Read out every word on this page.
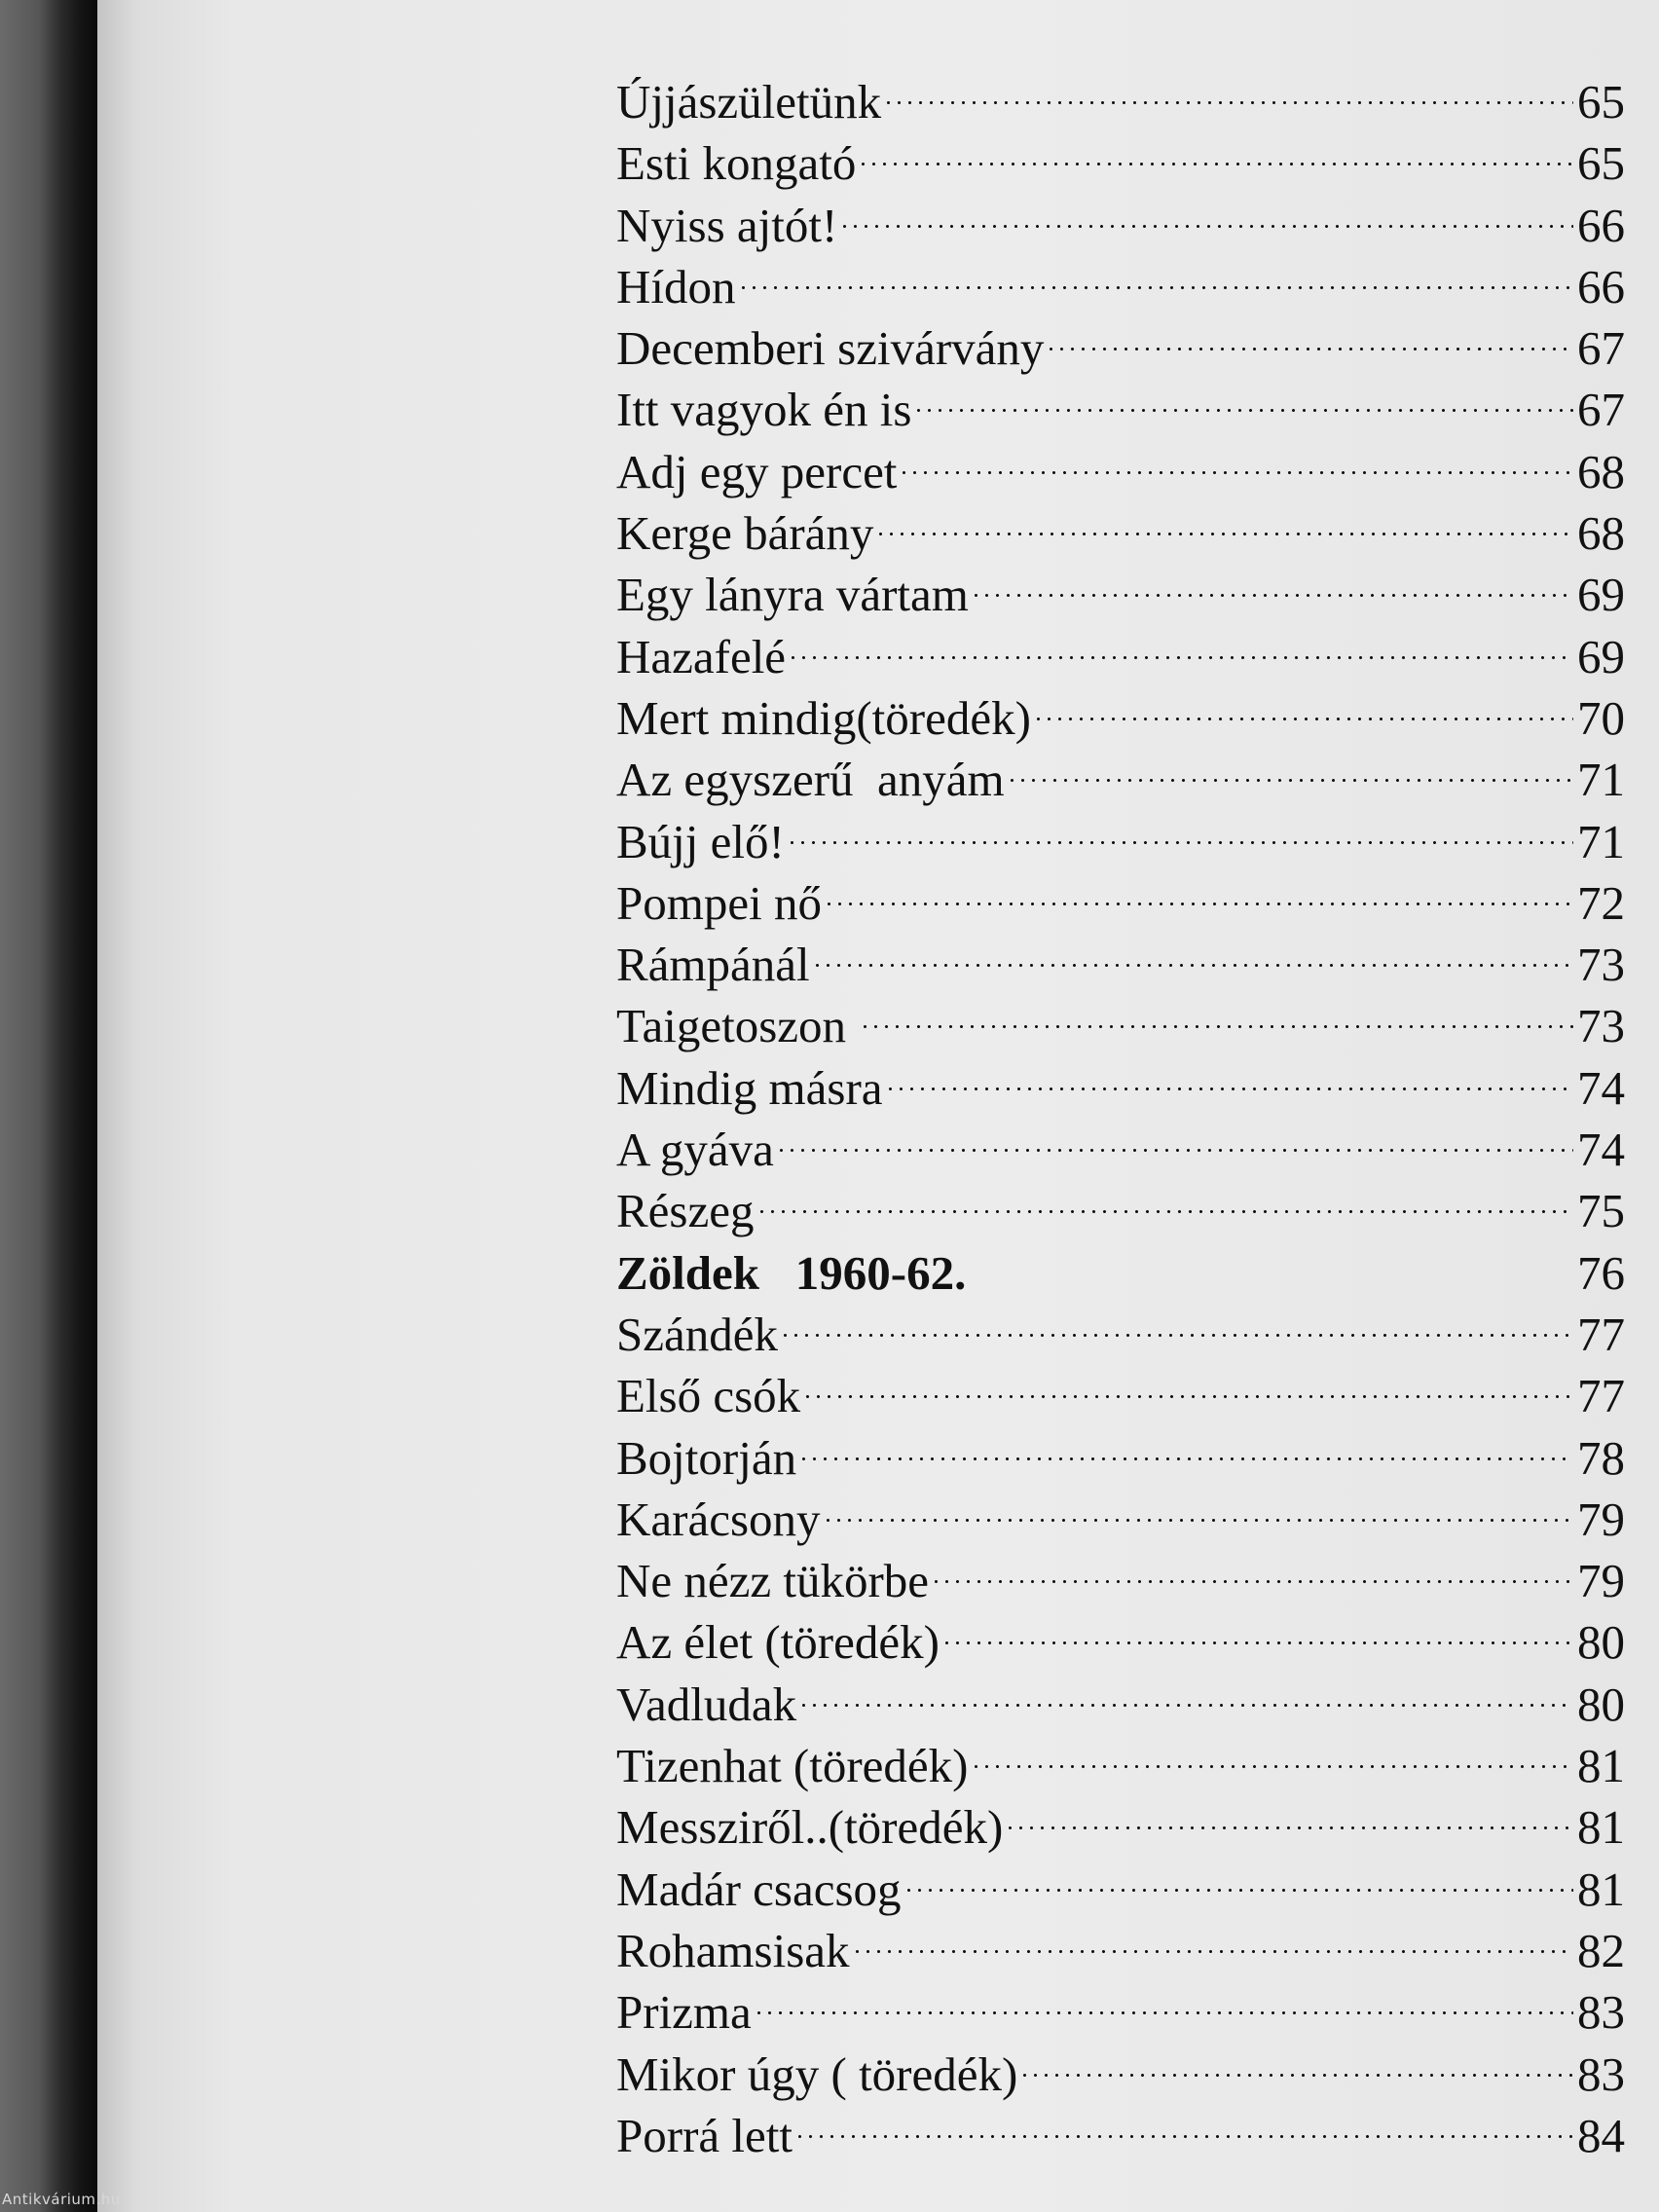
Újjászületünk	65
Esti kongató	65
Nyiss ajtót!	66
Hídon	66
Decemberi szivárvány	67
Itt vagyok én is	67
Adj egy percet	68
Kerge bárány	68
Egy lányra vártam	69
Hazafelé	69
Mert mindig(töredék)	70
Az egyszerű  anyám	71
Bújj elő!	71
Pompei nő	72
Rámpánál	73
Taigetoszon	73
Mindig másra	74
A gyáva	74
Részeg	75
Zöldek   1960-62.	76
Szándék	77
Első csók	77
Bojtorján	78
Karácsony	79
Ne nézz tükörbe	79
Az élet (töredék)	80
Vadludak	80
Tizenhat (töredék)	81
Messziről..(töredék)	81
Madár csacsog	81
Rohamsisak	82
Prizma	83
Mikor úgy ( töredék)	83
Porrá lett	84
Antikvárium.hu
